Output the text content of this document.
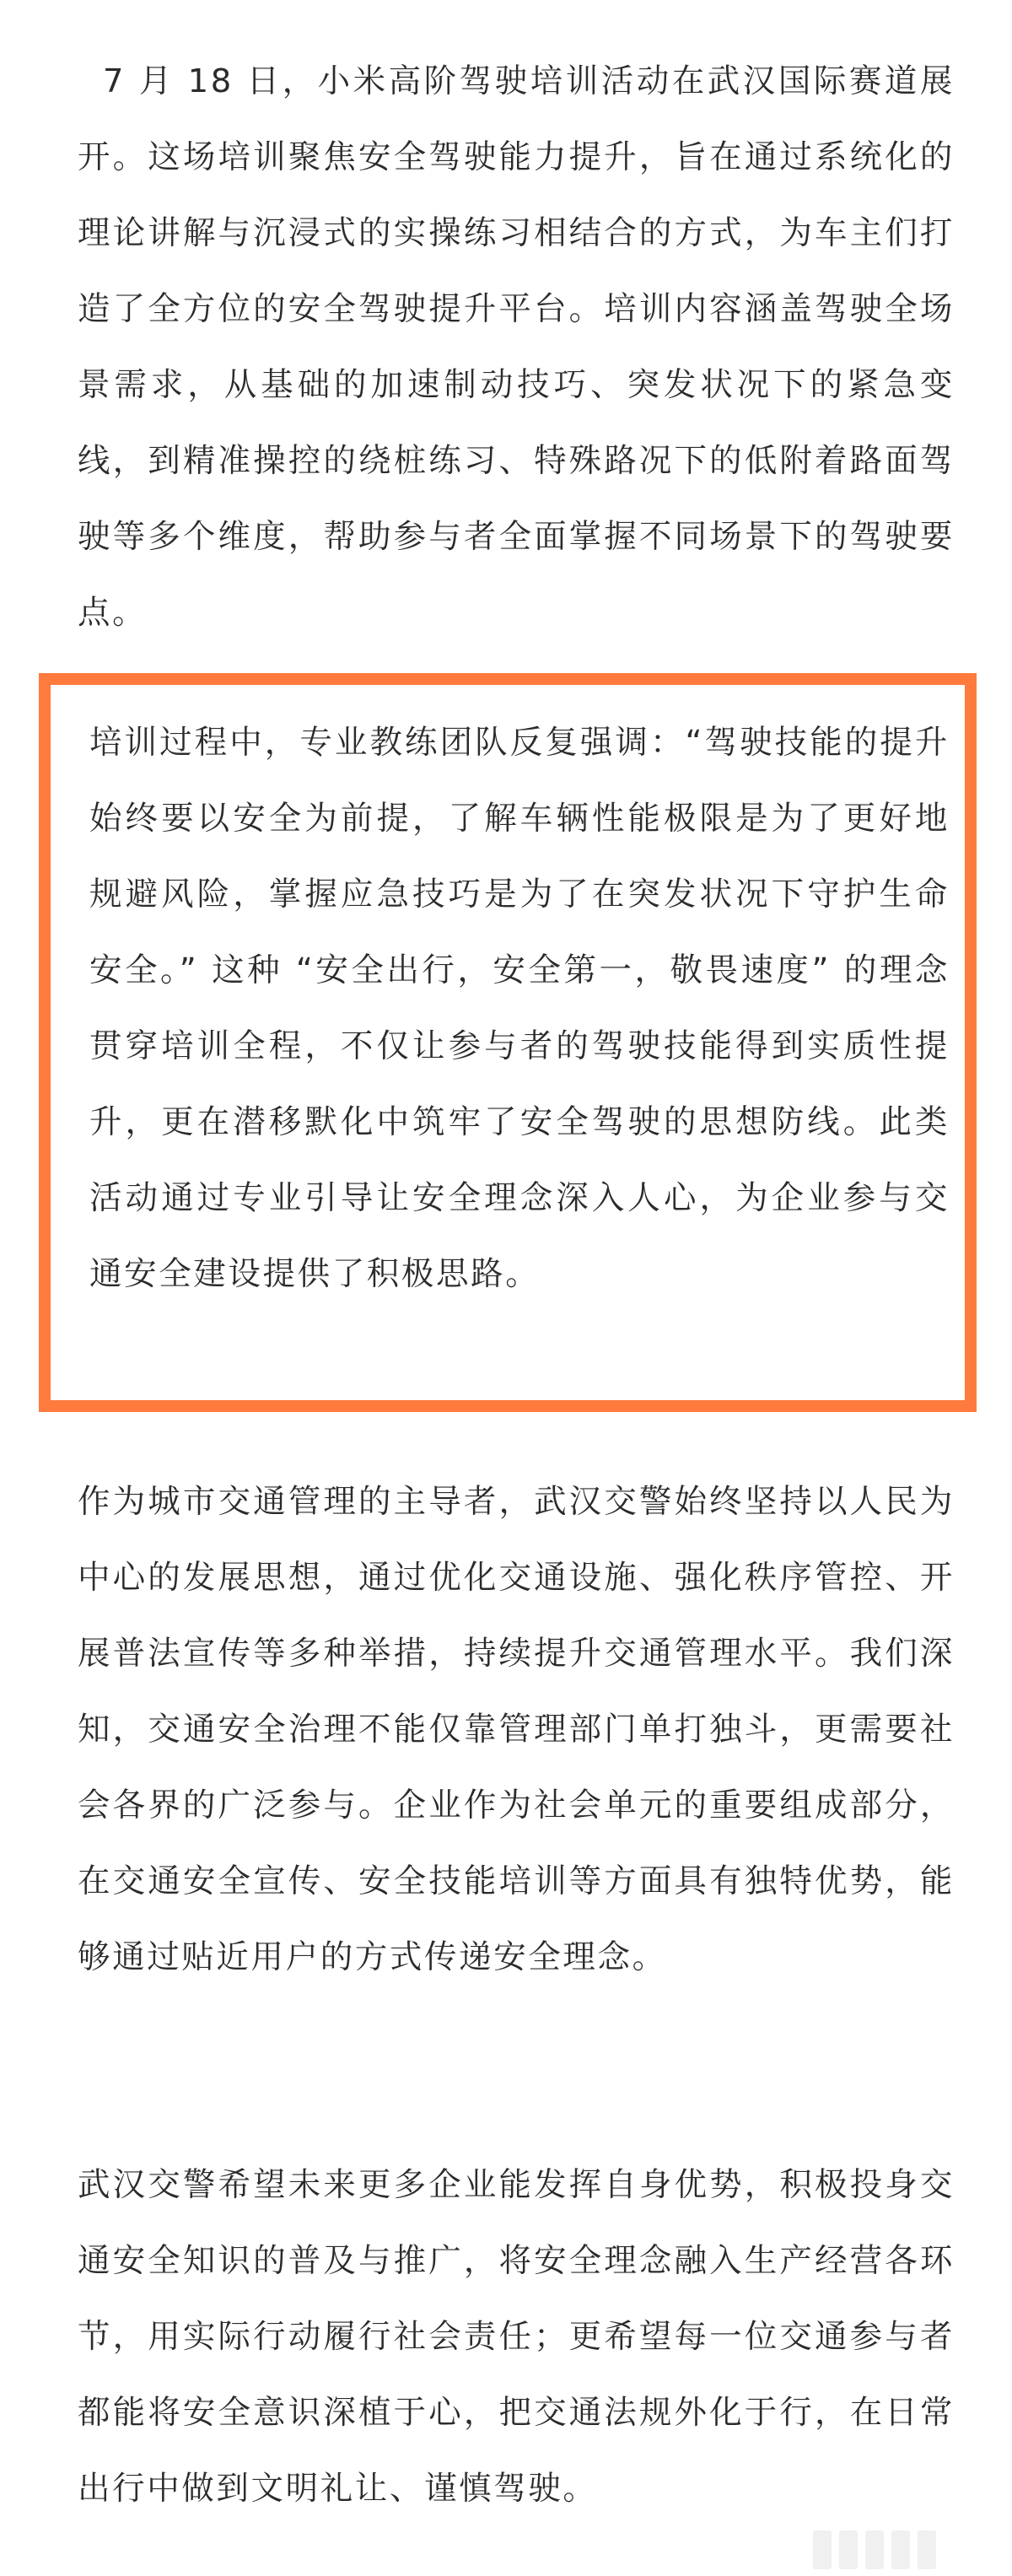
7 月 18 日，小米高阶驾驶培训活动在武汉国际赛道展开。这场培训聚焦安全驾驶能力提升，旨在通过系统化的理论讲解与沉浸式的实操练习相结合的方式，为车主们打造了全方位的安全驾驶提升平台。培训内容涵盖驾驶全场景需求，从基础的加速制动技巧、突发状况下的紧急变线，到精准操控的绕桩练习、特殊路况下的低附着路面驾驶等多个维度，帮助参与者全面掌握不同场景下的驾驶要点。

培训过程中，专业教练团队反复强调：“驾驶技能的提升始终要以安全为前提，了解车辆性能极限是为了更好地规避风险，掌握应急技巧是为了在突发状况下守护生命安全。” 这种 “安全出行，安全第一，敬畏速度” 的理念贯穿培训全程，不仅让参与者的驾驶技能得到实质性提升，更在潜移默化中筑牢了安全驾驶的思想防线。此类活动通过专业引导让安全理念深入人心，为企业参与交通安全建设提供了积极思路。

作为城市交通管理的主导者，武汉交警始终坚持以人民为中心的发展思想，通过优化交通设施、强化秩序管控、开展普法宣传等多种举措，持续提升交通管理水平。我们深知，交通安全治理不能仅靠管理部门单打独斗，更需要社会各界的广泛参与。企业作为社会单元的重要组成部分，在交通安全宣传、安全技能培训等方面具有独特优势，能够通过贴近用户的方式传递安全理念。

武汉交警希望未来更多企业能发挥自身优势，积极投身交通安全知识的普及与推广，将安全理念融入生产经营各环节，用实际行动履行社会责任；更希望每一位交通参与者都能将安全意识深植于心，把交通法规外化于行，在日常出行中做到文明礼让、谨慎驾驶。
